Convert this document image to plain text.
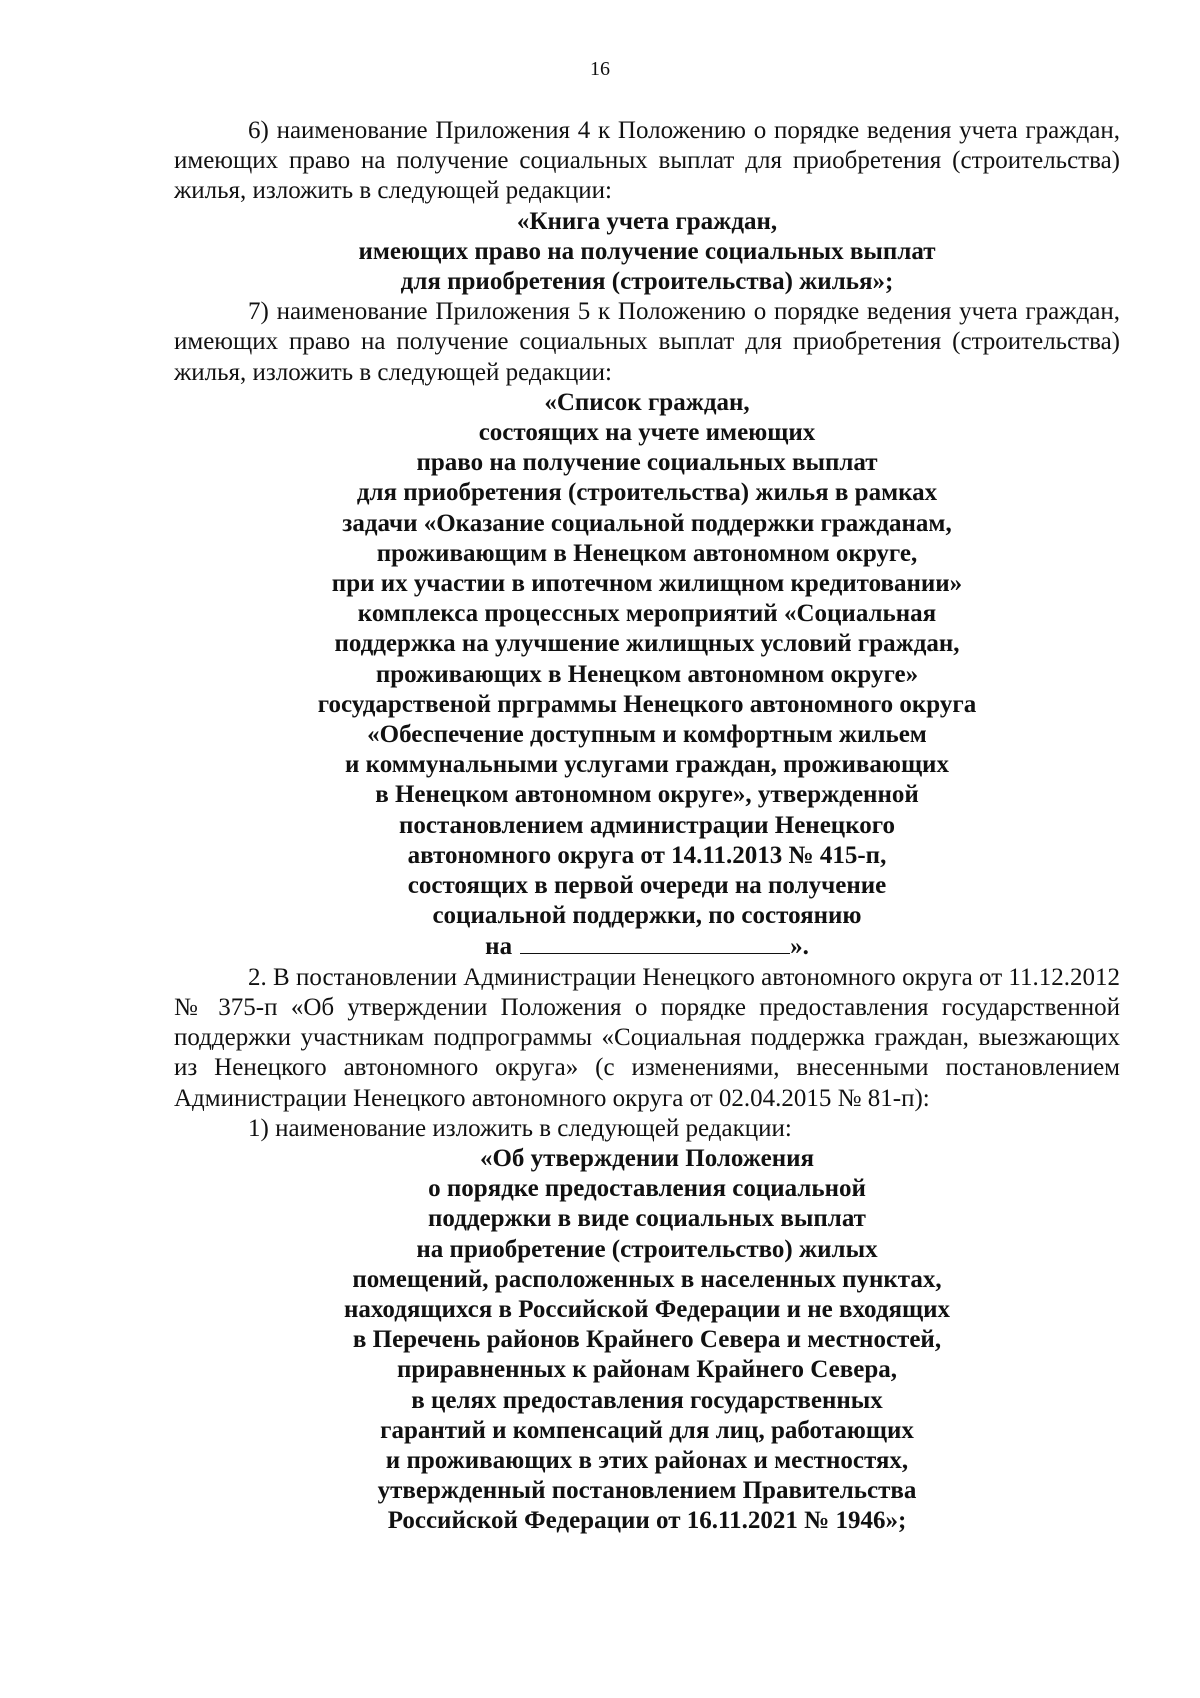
16

6) наименование Приложения 4 к Положению о порядке ведения учета граждан, имеющих право на получение социальных выплат для приобретения (строительства) жилья, изложить в следующей редакции:

«Книга учета граждан,
имеющих право на получение социальных выплат
для приобретения (строительства) жилья»;

7) наименование Приложения 5 к Положению о порядке ведения учета граждан, имеющих право на получение социальных выплат для приобретения (строительства) жилья, изложить в следующей редакции:

«Список граждан,
состоящих на учете имеющих
право на получение социальных выплат
для приобретения (строительства) жилья в рамках
задачи «Оказание социальной поддержки гражданам,
проживающим в Ненецком автономном округе,
при их участии в ипотечном жилищном кредитовании»
комплекса процессных мероприятий «Социальная
поддержка на улучшение жилищных условий граждан,
проживающих в Ненецком автономном округе»
государственой прграммы Ненецкого автономного округа
«Обеспечение доступным и комфортным жильем
и коммунальными услугами граждан, проживающих
в Ненецком автономном округе», утвержденной
постановлением администрации Ненецкого
автономного округа от 14.11.2013 № 415-п,
состоящих в первой очереди на получение
социальной поддержки, по состоянию
на	».

2. В постановлении Администрации Ненецкого автономного округа от 11.12.2012 № 375-п «Об утверждении Положения о порядке предоставления государственной поддержки участникам подпрограммы «Социальная поддержка граждан, выезжающих из Ненецкого автономного округа» (с изменениями, внесенными постановлением Администрации Ненецкого автономного округа от 02.04.2015 № 81-п):

1) наименование изложить в следующей редакции:

«Об утверждении Положения
о порядке предоставления социальной
поддержки в виде социальных выплат
на приобретение (строительство) жилых
помещений, расположенных в населенных пунктах,
находящихся в Российской Федерации и не входящих
в Перечень районов Крайнего Севера и местностей,
приравненных к районам Крайнего Севера,
в целях предоставления государственных
гарантий и компенсаций для лиц, работающих
и проживающих в этих районах и местностях,
утвержденный постановлением Правительства
Российской Федерации от 16.11.2021 № 1946»;
